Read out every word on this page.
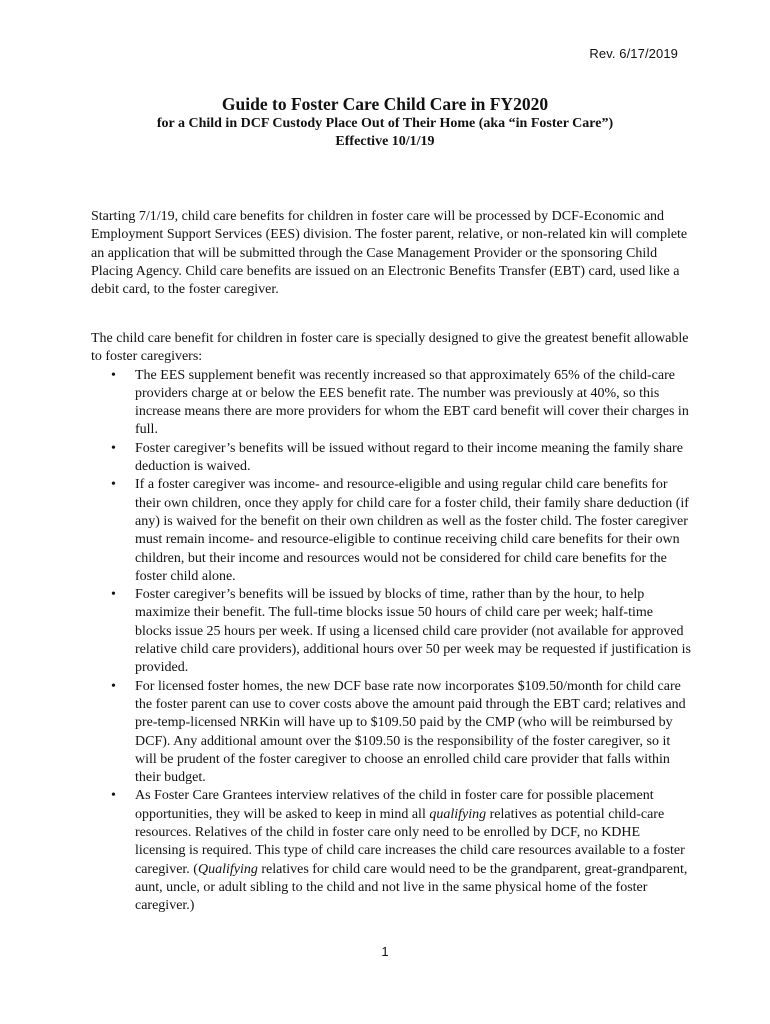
Rev. 6/17/2019

Guide to Foster Care Child Care in FY2020

for a Child in DCF Custody Place Out of Their Home (aka “in Foster Care”)

Effective 10/1/19

Starting 7/1/19, child care benefits for children in foster care will be processed by DCF-Economic and Employment Support Services (EES) division. The foster parent, relative, or non-related kin will complete an application that will be submitted through the Case Management Provider or the sponsoring Child Placing Agency. Child care benefits are issued on an Electronic Benefits Transfer (EBT) card, used like a debit card, to the foster caregiver.

The child care benefit for children in foster care is specially designed to give the greatest benefit allowable to foster caregivers:

• The EES supplement benefit was recently increased so that approximately 65% of the child-care providers charge at or below the EES benefit rate. The number was previously at 40%, so this increase means there are more providers for whom the EBT card benefit will cover their charges in full.
• Foster caregiver’s benefits will be issued without regard to their income meaning the family share deduction is waived.
• If a foster caregiver was income- and resource-eligible and using regular child care benefits for their own children, once they apply for child care for a foster child, their family share deduction (if any) is waived for the benefit on their own children as well as the foster child. The foster caregiver must remain income- and resource-eligible to continue receiving child care benefits for their own children, but their income and resources would not be considered for child care benefits for the foster child alone.
• Foster caregiver’s benefits will be issued by blocks of time, rather than by the hour, to help maximize their benefit. The full-time blocks issue 50 hours of child care per week; half-time blocks issue 25 hours per week. If using a licensed child care provider (not available for approved relative child care providers), additional hours over 50 per week may be requested if justification is provided.
• For licensed foster homes, the new DCF base rate now incorporates $109.50/month for child care the foster parent can use to cover costs above the amount paid through the EBT card; relatives and pre-temp-licensed NRKin will have up to $109.50 paid by the CMP (who will be reimbursed by DCF). Any additional amount over the $109.50 is the responsibility of the foster caregiver, so it will be prudent of the foster caregiver to choose an enrolled child care provider that falls within their budget.
• As Foster Care Grantees interview relatives of the child in foster care for possible placement opportunities, they will be asked to keep in mind all qualifying relatives as potential child-care resources. Relatives of the child in foster care only need to be enrolled by DCF, no KDHE licensing is required. This type of child care increases the child care resources available to a foster caregiver. (Qualifying relatives for child care would need to be the grandparent, great-grandparent, aunt, uncle, or adult sibling to the child and not live in the same physical home of the foster caregiver.)
1
